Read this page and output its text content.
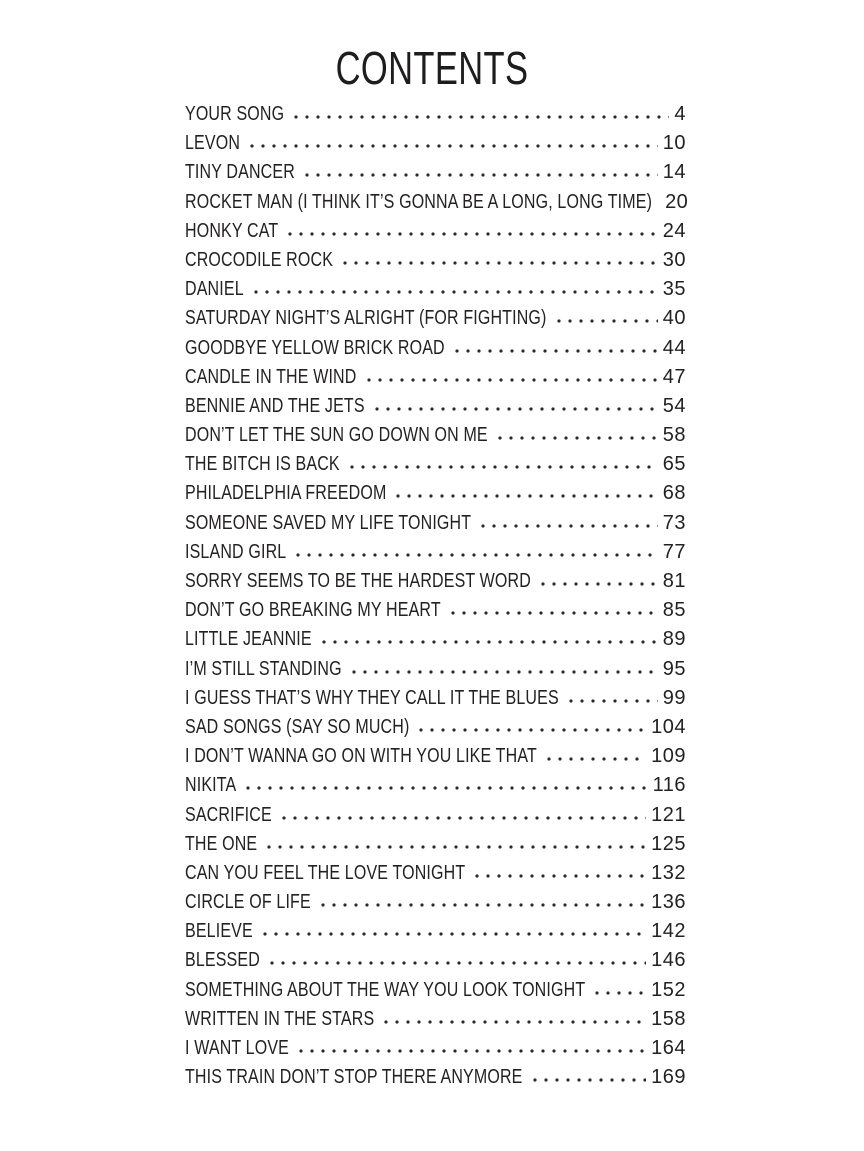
CONTENTS
YOUR SONG	4
LEVON	10
TINY DANCER	14
ROCKET MAN (I THINK IT’S GONNA BE A LONG, LONG TIME) 20
HONKY CAT	24
CROCODILE ROCK	30
DANIEL	35
SATURDAY NIGHT’S ALRIGHT (FOR FIGHTING)	40
GOODBYE YELLOW BRICK ROAD	44
CANDLE IN THE WIND	47
BENNIE AND THE JETS	54
DON’T LET THE SUN GO DOWN ON ME	58
THE BITCH IS BACK	65
PHILADELPHIA FREEDOM	68
SOMEONE SAVED MY LIFE TONIGHT	73
ISLAND GIRL	77
SORRY SEEMS TO BE THE HARDEST WORD	81
DON’T GO BREAKING MY HEART	85
LITTLE JEANNIE	89
I’M STILL STANDING	95
I GUESS THAT’S WHY THEY CALL IT THE BLUES	99
SAD SONGS (SAY SO MUCH)	104
I DON’T WANNA GO ON WITH YOU LIKE THAT	109
NIKITA	116
SACRIFICE	121
THE ONE	125
CAN YOU FEEL THE LOVE TONIGHT	132
CIRCLE OF LIFE	136
BELIEVE	142
BLESSED	146
SOMETHING ABOUT THE WAY YOU LOOK TONIGHT	152
WRITTEN IN THE STARS	158
I WANT LOVE	164
THIS TRAIN DON’T STOP THERE ANYMORE	169
